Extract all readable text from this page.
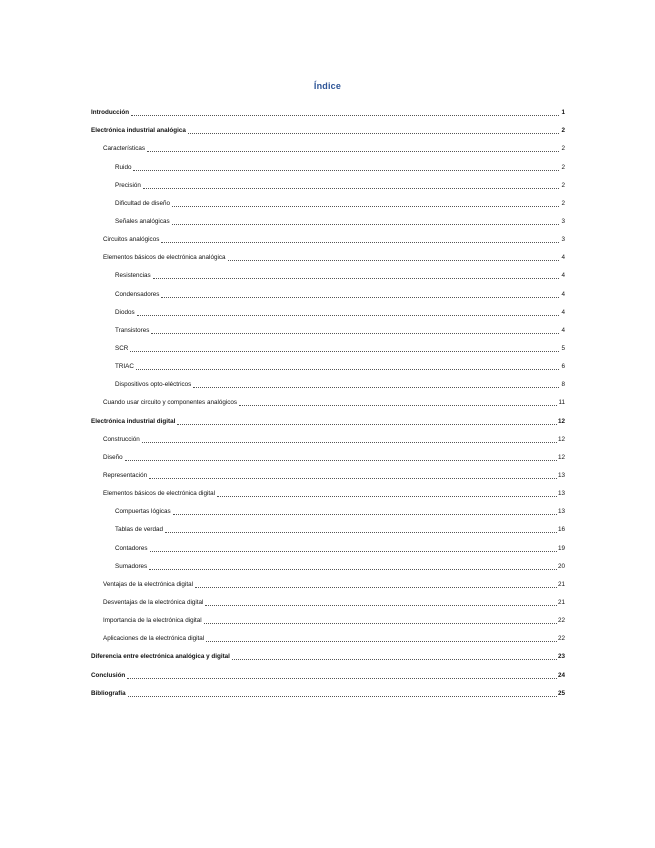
Índice
Introducción	1
Electrónica industrial analógica	2
Características	2
Ruido	2
Precisión	2
Dificultad de diseño	2
Señales analógicas	3
Circuitos analógicos	3
Elementos básicos de electrónica analógica	4
Resistencias	4
Condensadores	4
Diodos	4
Transistores	4
SCR	5
TRIAC	6
Dispositivos opto-eléctricos	8
Cuando usar circuito y componentes analógicos	11
Electrónica industrial digital	12
Construcción	12
Diseño	12
Representación	13
Elementos básicos de electrónica digital	13
Compuertas lógicas	13
Tablas de verdad	16
Contadores	19
Sumadores	20
Ventajas de la electrónica digital	21
Desventajas de la electrónica digital	21
Importancia de la electrónica digital	22
Aplicaciones de la electrónica digital	22
Diferencia entre electrónica analógica y digital	23
Conclusión	24
Bibliografía	25
